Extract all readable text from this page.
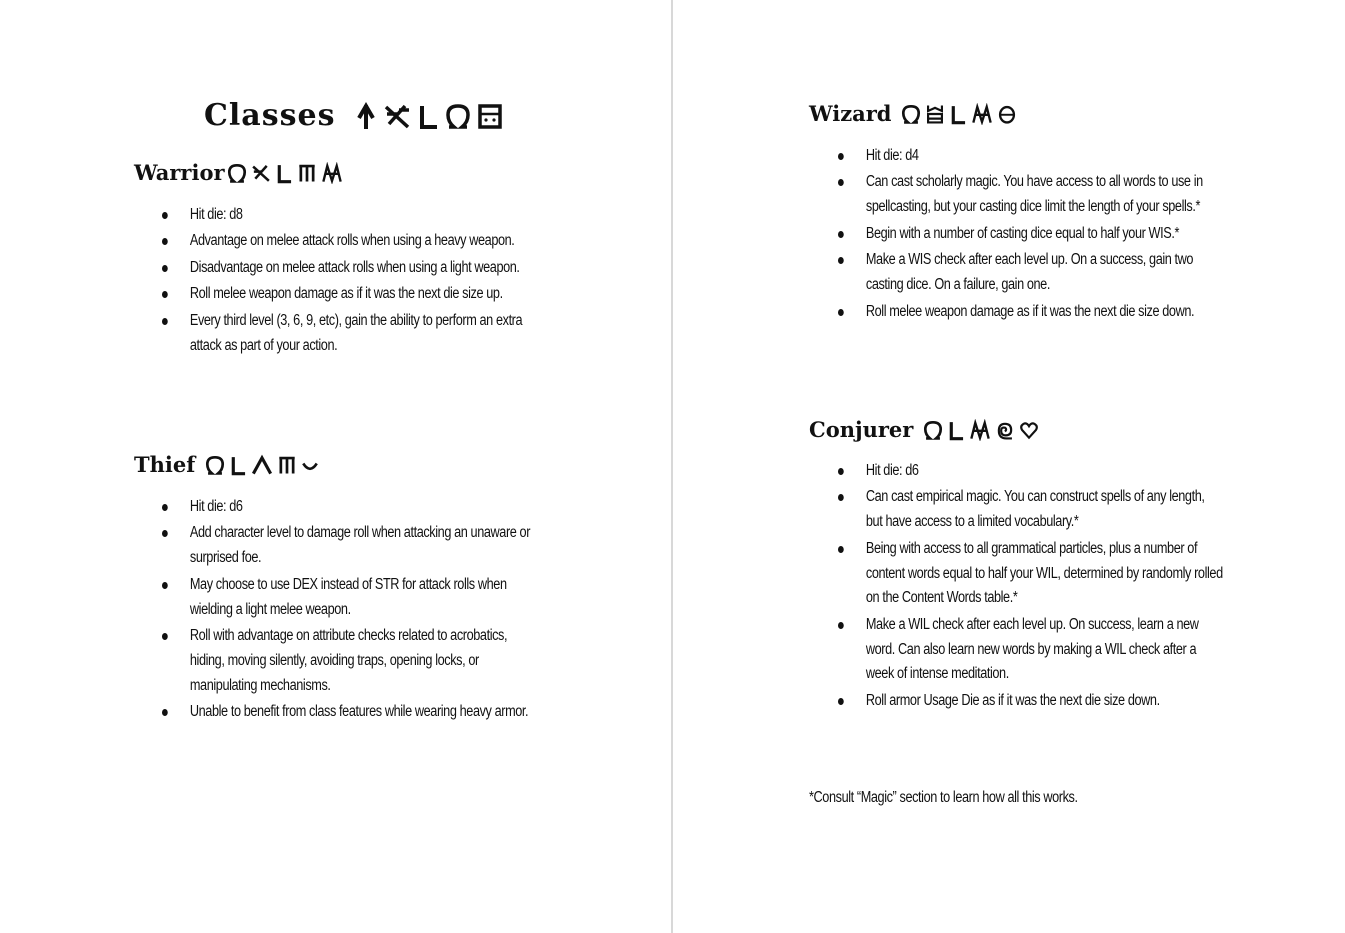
Classes
Warrior
Hit die: d8
Advantage on melee attack rolls when using a heavy weapon.
Disadvantage on melee attack rolls when using a light weapon.
Roll melee weapon damage as if it was the next die size up.
Every third level (3, 6, 9, etc), gain the ability to perform an extra attack as part of your action.
Thief
Hit die: d6
Add character level to damage roll when attacking an unaware or surprised foe.
May choose to use DEX instead of STR for attack rolls when wielding a light melee weapon.
Roll with advantage on attribute checks related to acrobatics, hiding, moving silently, avoiding traps, opening locks, or manipulating mechanisms.
Unable to benefit from class features while wearing heavy armor.
Wizard
Hit die: d4
Can cast scholarly magic. You have access to all words to use in spellcasting, but your casting dice limit the length of your spells.*
Begin with a number of casting dice equal to half your WIS.*
Make a WIS check after each level up. On a success, gain two casting dice. On a failure, gain one.
Roll melee weapon damage as if it was the next die size down.
Conjurer
Hit die: d6
Can cast empirical magic. You can construct spells of any length, but have access to a limited vocabulary.*
Being with access to all grammatical particles, plus a number of content words equal to half your WIL, determined by randomly rolled on the Content Words table.*
Make a WIL check after each level up. On success, learn a new word. Can also learn new words by making a WIL check after a week of intense meditation.
Roll armor Usage Die as if it was the next die size down.

*Consult “Magic” section to learn how all this works.
